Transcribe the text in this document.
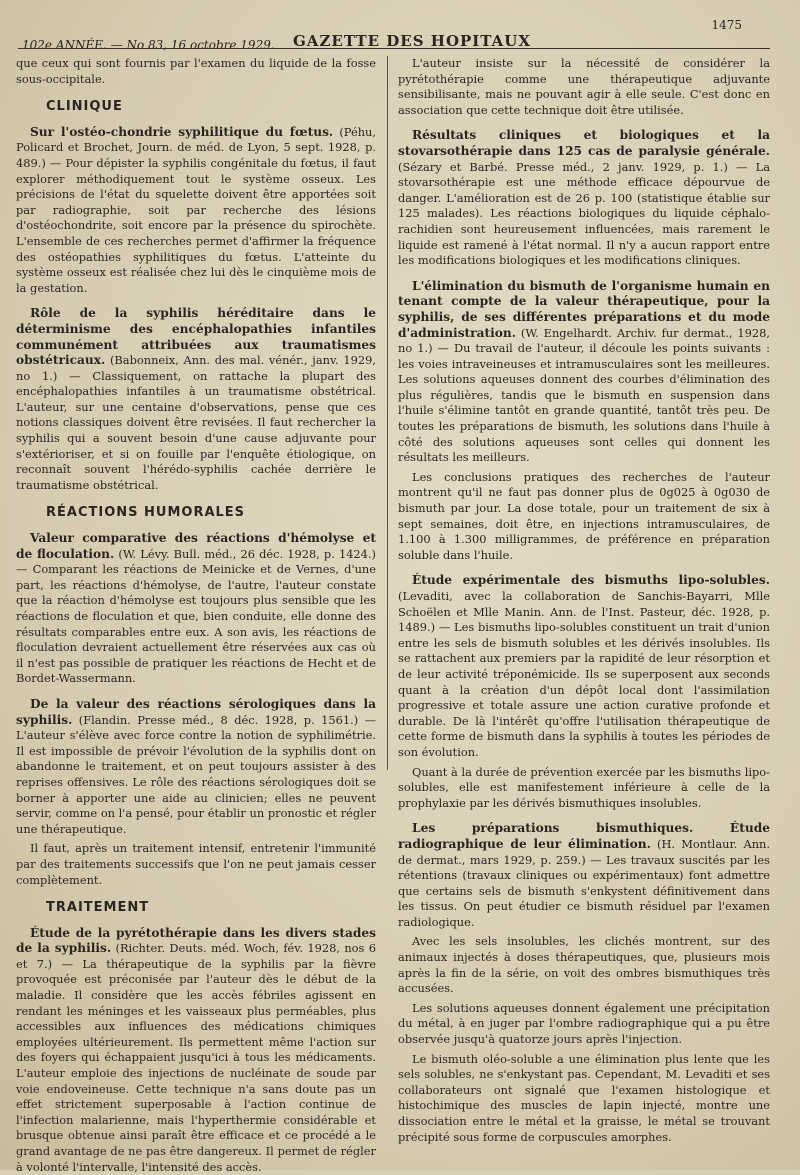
102e ANNÉE. — No 83, 16 octobre 1929. GAZETTE DES HOPITAUX
1475

que ceux qui sont fournis par l'examen du liquide de la fosse sous-occipitale.

CLINIQUE

Sur l'ostéo-chondrie syphilitique du fœtus. (Péhu, Policard et Brochet, Journ. de méd. de Lyon, 5 sept. 1928, p. 489.) — Pour dépister la syphilis congénitale du fœtus, il faut explorer méthodiquement tout le système osseux. Les précisions de l'état du squelette doivent être apportées soit par radiographie, soit par recherche des lésions d'ostéochondrite, soit encore par la présence du spirochète. L'ensemble de ces recherches permet d'affirmer la fréquence des ostéopathies syphilitiques du fœtus. L'atteinte du système osseux est réalisée chez lui dès le cinquième mois de la gestation.

Rôle de la syphilis héréditaire dans le déterminisme des encéphalopathies infantiles communément attribuées aux traumatismes obstétricaux. (Babonneix, Ann. des mal. vénér., janv. 1929, no 1.) — Classiquement, on rattache la plupart des encéphalopathies infantiles à un traumatisme obstétrical. L'auteur, sur une centaine d'observations, pense que ces notions classiques doivent être revisées. Il faut rechercher la syphilis qui a souvent besoin d'une cause adjuvante pour s'extérioriser, et si on fouille par l'enquête étiologique, on reconnaît souvent l'hérédo-syphilis cachée derrière le traumatisme obstétrical.

RÉACTIONS HUMORALES

Valeur comparative des réactions d'hémolyse et de floculation. (W. Lévy. Bull. méd., 26 déc. 1928, p. 1424.) — Comparant les réactions de Meinicke et de Vernes, d'une part, les réactions d'hémolyse, de l'autre, l'auteur constate que la réaction d'hémolyse est toujours plus sensible que les réactions de floculation et que, bien conduite, elle donne des résultats comparables entre eux. A son avis, les réactions de floculation devraient actuellement être réservées aux cas où il n'est pas possible de pratiquer les réactions de Hecht et de Bordet-Wassermann.

De la valeur des réactions sérologiques dans la syphilis. (Flandin. Presse méd., 8 déc. 1928, p. 1561.) — L'auteur s'élève avec force contre la notion de syphilimétrie. Il est impossible de prévoir l'évolution de la syphilis dont on abandonne le traitement, et on peut toujours assister à des reprises offensives. Le rôle des réactions sérologiques doit se borner à apporter une aide au clinicien; elles ne peuvent servir, comme on l'a pensé, pour établir un pronostic et régler une thérapeutique.

Il faut, après un traitement intensif, entretenir l'immunité par des traitements successifs que l'on ne peut jamais cesser complètement.

TRAITEMENT

Étude de la pyrétothérapie dans les divers stades de la syphilis. (Richter. Deuts. méd. Woch, fév. 1928, nos 6 et 7.) — La thérapeutique de la syphilis par la fièvre provoquée est préconisée par l'auteur dès le début de la maladie. Il considère que les accès fébriles agissent en rendant les méninges et les vaisseaux plus perméables, plus accessibles aux influences des médications chimiques employées ultérieurement. Ils permettent même l'action sur des foyers qui échappaient jusqu'ici à tous les médicaments. L'auteur emploie des injections de nucléinate de soude par voie endoveineuse. Cette technique n'a sans doute pas un effet strictement superposable à l'action continue de l'infection malarienne, mais l'hyperthermie considérable et brusque obtenue ainsi paraît être efficace et ce procédé a le grand avantage de ne pas être dangereux. Il permet de régler à volonté l'intervalle, l'intensité des accès.

L'auteur insiste sur la nécessité de considérer la pyrétothérapie comme une thérapeutique adjuvante sensibilisante, mais ne pouvant agir à elle seule. C'est donc en association que cette technique doit être utilisée.

Résultats cliniques et biologiques et la stovarsothérapie dans 125 cas de paralysie générale. (Sézary et Barbé. Presse méd., 2 janv. 1929, p. 1.) — La stovarsothérapie est une méthode efficace dépourvue de danger. L'amélioration est de 26 p. 100 (statistique établie sur 125 malades). Les réactions biologiques du liquide céphalo-rachidien sont heureusement influencées, mais rarement le liquide est ramené à l'état normal. Il n'y a aucun rapport entre les modifications biologiques et les modifications cliniques.

L'élimination du bismuth de l'organisme humain en tenant compte de la valeur thérapeutique, pour la syphilis, de ses différentes préparations et du mode d'administration. (W. Engelhardt. Archiv. fur dermat., 1928, no 1.) — Du travail de l'auteur, il découle les points suivants : les voies intraveineuses et intramusculaires sont les meilleures. Les solutions aqueuses donnent des courbes d'élimination des plus régulières, tandis que le bismuth en suspension dans l'huile s'élimine tantôt en grande quantité, tantôt très peu. De toutes les préparations de bismuth, les solutions dans l'huile à côté des solutions aqueuses sont celles qui donnent les résultats les meilleurs.

Les conclusions pratiques des recherches de l'auteur montrent qu'il ne faut pas donner plus de 0g025 à 0g030 de bismuth par jour. La dose totale, pour un traitement de six à sept semaines, doit être, en injections intramusculaires, de 1.100 à 1.300 milligrammes, de préférence en préparation soluble dans l'huile.

Étude expérimentale des bismuths lipo-solubles. (Levaditi, avec la collaboration de Sanchis-Bayarri, Mlle Schoëlen et Mlle Manin. Ann. de l'Inst. Pasteur, déc. 1928, p. 1489.) — Les bismuths lipo-solubles constituent un trait d'union entre les sels de bismuth solubles et les dérivés insolubles. Ils se rattachent aux premiers par la rapidité de leur résorption et de leur activité tréponémicide. Ils se superposent aux seconds quant à la création d'un dépôt local dont l'assimilation progressive et totale assure une action curative profonde et durable. De là l'intérêt qu'offre l'utilisation thérapeutique de cette forme de bismuth dans la syphilis à toutes les périodes de son évolution.

Quant à la durée de prévention exercée par les bismuths lipo-solubles, elle est manifestement inférieure à celle de la prophylaxie par les dérivés bismuthiques insolubles.

Les préparations bismuthiques. Étude radiographique de leur élimination. (H. Montlaur. Ann. de dermat., mars 1929, p. 259.) — Les travaux suscités par les rétentions (travaux cliniques ou expérimentaux) font admettre que certains sels de bismuth s'enkystent définitivement dans les tissus. On peut étudier ce bismuth résiduel par l'examen radiologique.

Avec les sels insolubles, les clichés montrent, sur des animaux injectés à doses thérapeutiques, que, plusieurs mois après la fin de la série, on voit des ombres bismuthiques très accusées.

Les solutions aqueuses donnent également une précipitation du métal, à en juger par l'ombre radiographique qui a pu être observée jusqu'à quatorze jours après l'injection.

Le bismuth oléo-soluble a une élimination plus lente que les sels solubles, ne s'enkystant pas. Cependant, M. Levaditi et ses collaborateurs ont signalé que l'examen histologique et histochimique des muscles de lapin injecté, montre une dissociation entre le métal et la graisse, le métal se trouvant précipité sous forme de corpuscules amorphes.
